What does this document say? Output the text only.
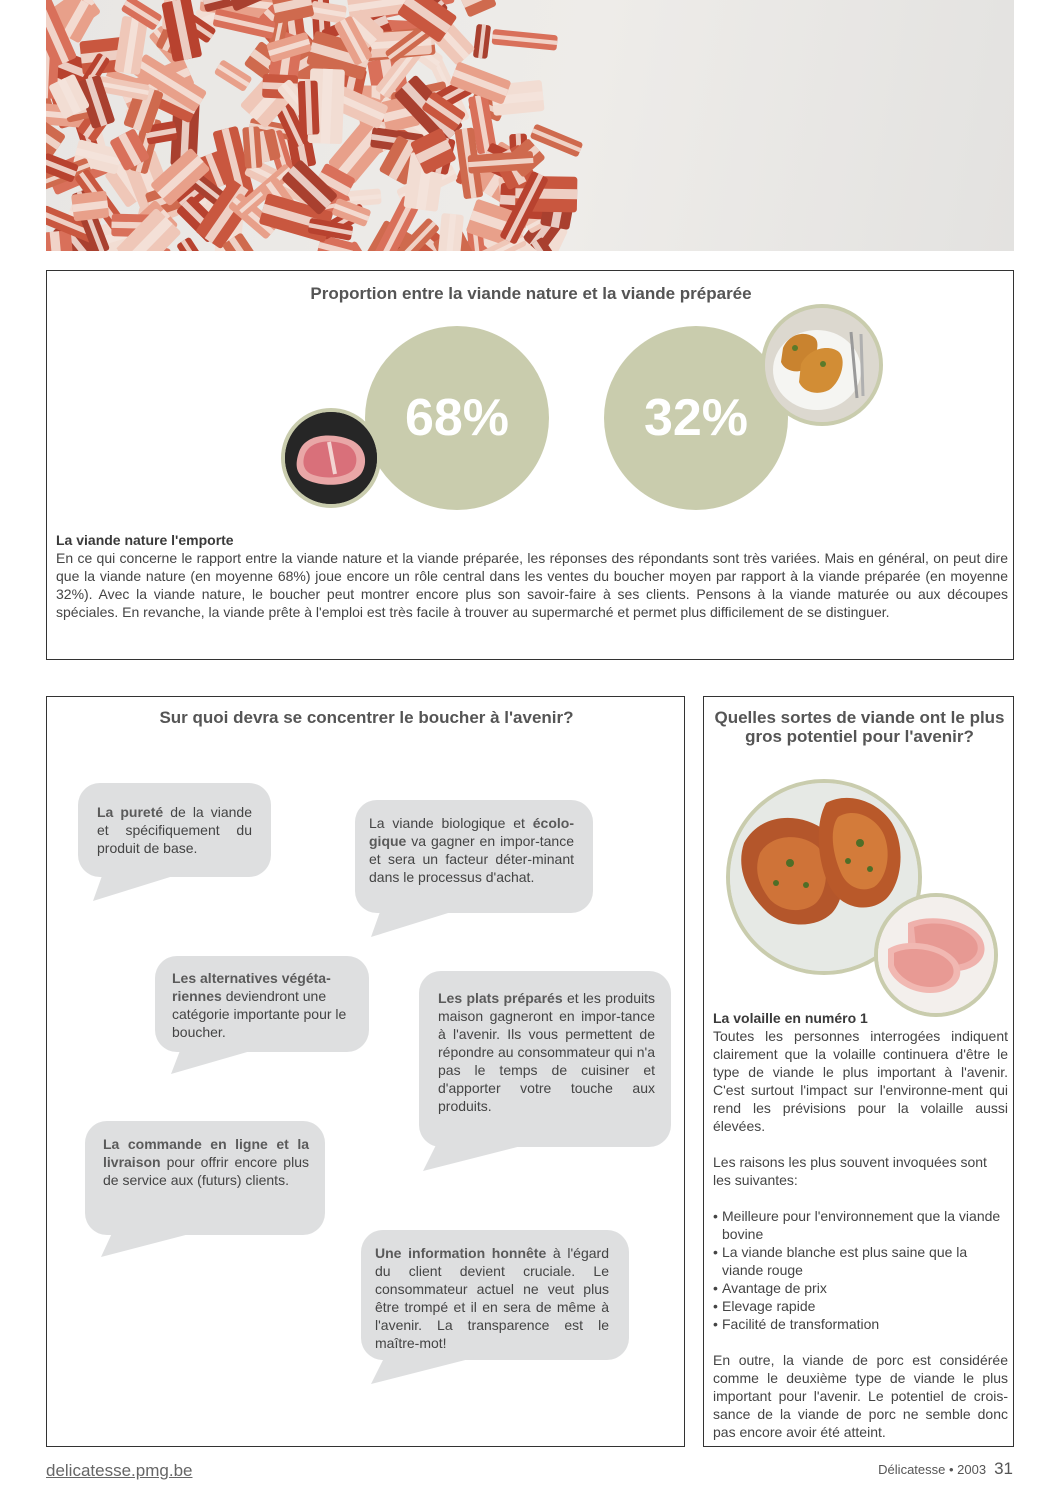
Proportion entre la viande nature et la viande préparée
68%	32%
La viande nature l'emporte
En ce qui concerne le rapport entre la viande nature et la viande préparée, les réponses des répondants sont très variées. Mais en général, on peut dire que la viande nature (en moyenne 68%) joue encore un rôle central dans les ventes du boucher moyen par rapport à la viande préparée (en moyenne 32%). Avec la viande nature, le boucher peut montrer encore plus son savoir-faire à ses clients. Pensons à la viande maturée ou aux découpes spéciales. En revanche, la viande prête à l'emploi est très facile à trouver au supermarché et permet plus difficilement de se distinguer.
Sur quoi devra se concentrer le boucher à l'avenir?
La pureté de la viande et spécifiquement du produit de base.
La viande biologique et écolo-gique va gagner en impor-tance et sera un facteur déter-minant dans le processus d'achat.
Les alternatives végéta-riennes deviendront une catégorie importante pour le boucher.
Les plats préparés et les produits maison gagneront en impor-tance à l'avenir. Ils vous permettent de répondre au consommateur qui n'a pas le temps de cuisiner et d'apporter votre touche aux produits.
La commande en ligne et la livraison pour offrir encore plus de service aux (futurs) clients.
Une information honnête à l'égard du client devient cruciale. Le consommateur actuel ne veut plus être trompé et il en sera de même à l'avenir. La transparence est le maître-mot!
Quelles sortes de viande ont le plus gros potentiel pour l'avenir?
La volaille en numéro 1

Toutes les personnes interrogées indiquent clairement que la volaille continuera d'être le type de viande le plus important à l'avenir. C'est surtout l'impact sur l'environne-ment qui rend les prévisions pour la volaille aussi élevées.

Les raisons les plus souvent invoquées sont les suivantes:

• Meilleure pour l'environnement que la viande bovine
• La viande blanche est plus saine que la viande rouge
• Avantage de prix
• Elevage rapide
• Facilité de transformation

En outre, la viande de porc est considérée comme le deuxième type de viande le plus important pour l'avenir. Le potentiel de crois-sance de la viande de porc ne semble donc pas encore avoir été atteint.

delicatesse.pmg.be	Délicatesse • 2003 31
